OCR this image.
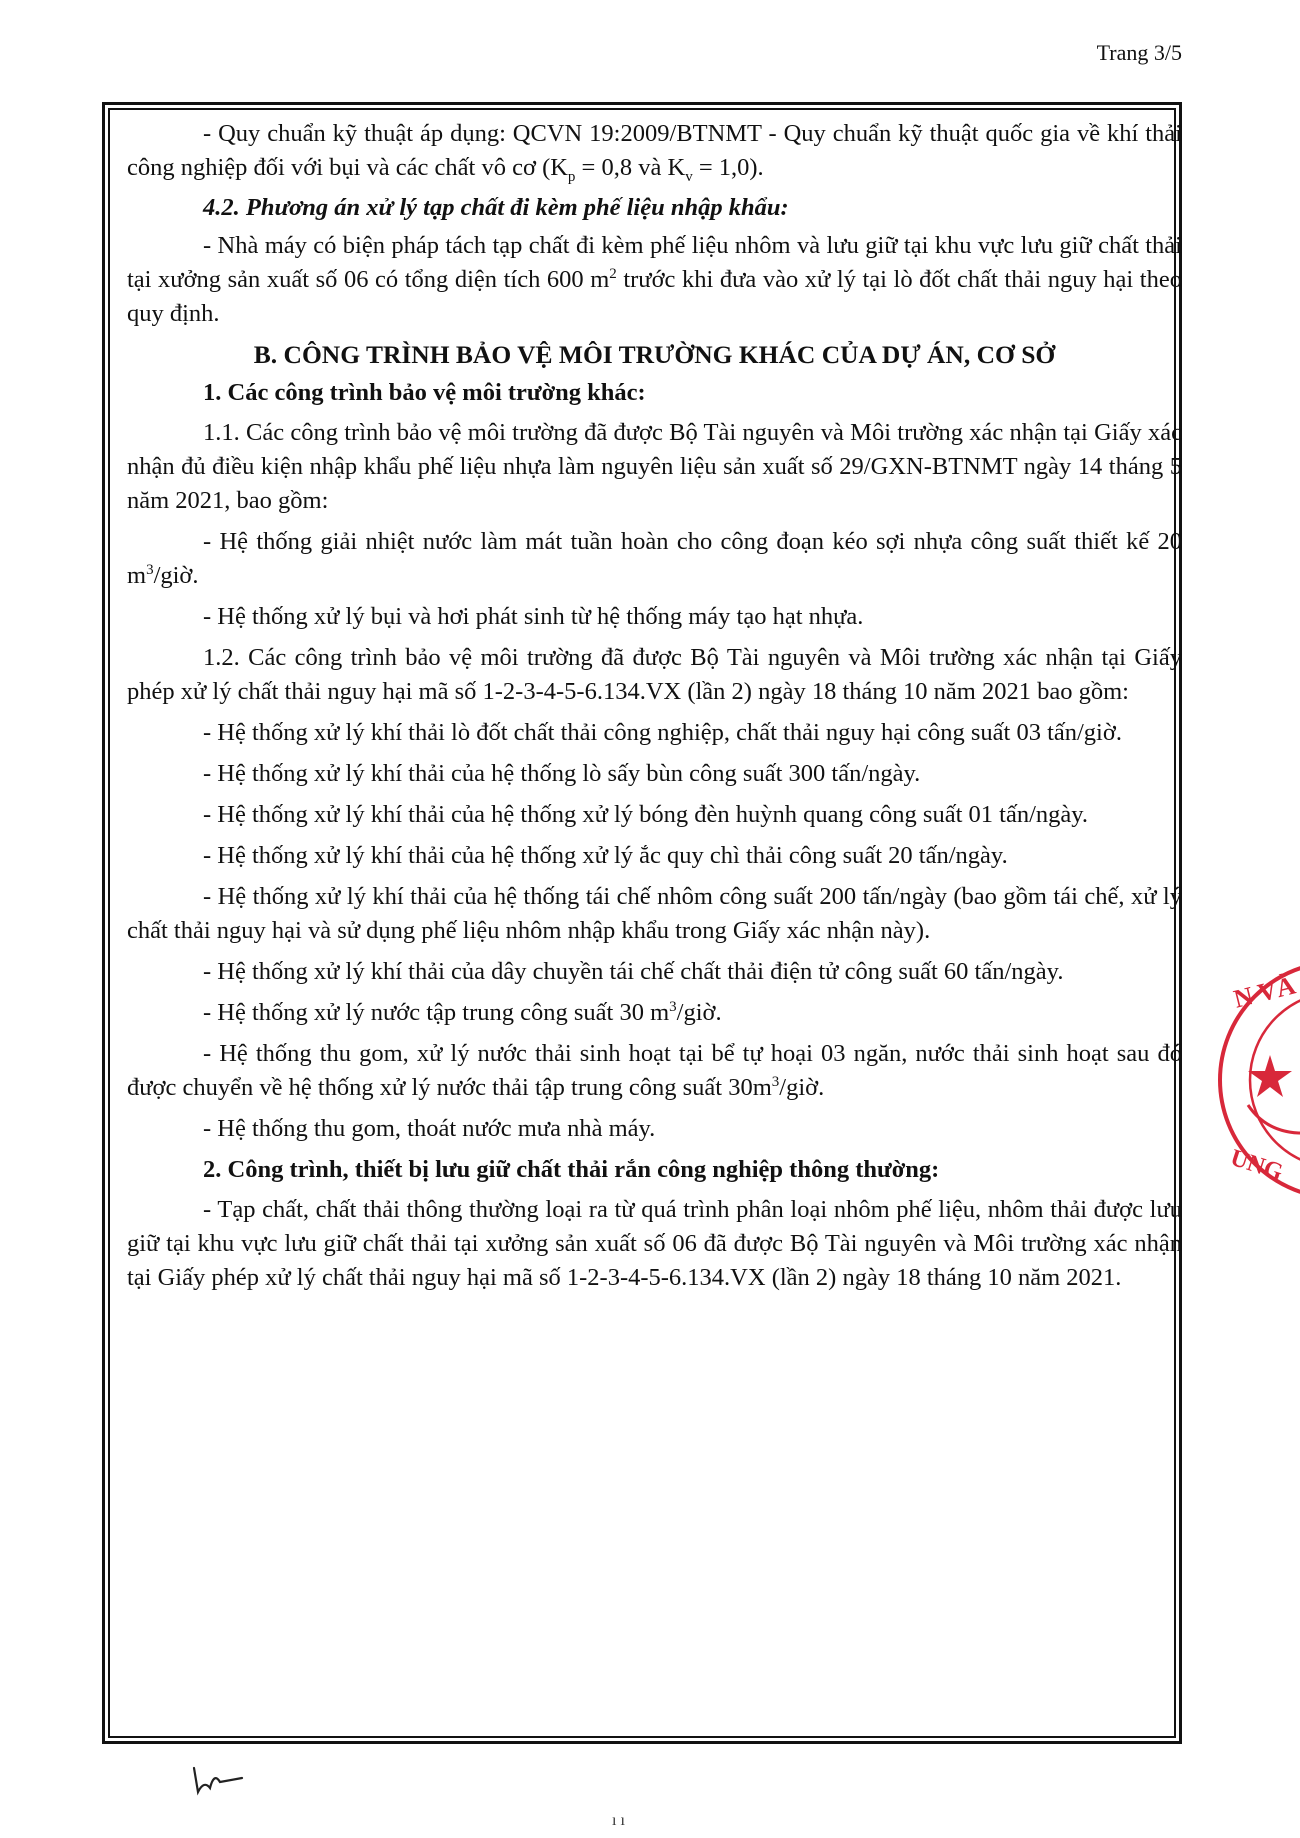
Trang 3/5

- Quy chuẩn kỹ thuật áp dụng: QCVN 19:2009/BTNMT - Quy chuẩn kỹ thuật quốc gia về khí thải công nghiệp đối với bụi và các chất vô cơ ($K_p = 0,8$ và $K_v = 1,0$).

4.2. Phương án xử lý tạp chất đi kèm phế liệu nhập khẩu:

- Nhà máy có biện pháp tách tạp chất đi kèm phế liệu nhôm và lưu giữ tại khu vực lưu giữ chất thải tại xưởng sản xuất số 06 có tổng diện tích 600 $m^2$ trước khi đưa vào xử lý tại lò đốt chất thải nguy hại theo quy định.

B. CÔNG TRÌNH BẢO VỆ MÔI TRƯỜNG KHÁC CỦA DỰ ÁN, CƠ SỞ
1. Các công trình bảo vệ môi trường khác:

1.1. Các công trình bảo vệ môi trường đã được Bộ Tài nguyên và Môi trường xác nhận tại Giấy xác nhận đủ điều kiện nhập khẩu phế liệu nhựa làm nguyên liệu sản xuất số 29/GXN-BTNMT ngày 14 tháng 5 năm 2021, bao gồm:

- Hệ thống giải nhiệt nước làm mát tuần hoàn cho công đoạn kéo sợi nhựa công suất thiết kế 20 $m^3$/giờ.

- Hệ thống xử lý bụi và hơi phát sinh từ hệ thống máy tạo hạt nhựa.

1.2. Các công trình bảo vệ môi trường đã được Bộ Tài nguyên và Môi trường xác nhận tại Giấy phép xử lý chất thải nguy hại mã số 1-2-3-4-5-6.134.VX (lần 2) ngày 18 tháng 10 năm 2021 bao gồm:

- Hệ thống xử lý khí thải lò đốt chất thải công nghiệp, chất thải nguy hại công suất 03 tấn/giờ.

- Hệ thống xử lý khí thải của hệ thống lò sấy bùn công suất 300 tấn/ngày.

- Hệ thống xử lý khí thải của hệ thống xử lý bóng đèn huỳnh quang công suất 01 tấn/ngày.

- Hệ thống xử lý khí thải của hệ thống xử lý ắc quy chì thải công suất 20 tấn/ngày.

- Hệ thống xử lý khí thải của hệ thống tái chế nhôm công suất 200 tấn/ngày (bao gồm tái chế, xử lý chất thải nguy hại và sử dụng phế liệu nhôm nhập khẩu trong Giấy xác nhận này).

- Hệ thống xử lý khí thải của dây chuyền tái chế chất thải điện tử công suất 60 tấn/ngày.

- Hệ thống xử lý nước tập trung công suất 30 $m^3$/giờ.

- Hệ thống thu gom, xử lý nước thải sinh hoạt tại bể tự hoại 03 ngăn, nước thải sinh hoạt sau đó được chuyển về hệ thống xử lý nước thải tập trung công suất $30m^3$/giờ.

- Hệ thống thu gom, thoát nước mưa nhà máy.

2. Công trình, thiết bị lưu giữ chất thải rắn công nghiệp thông thường:

- Tạp chất, chất thải thông thường loại ra từ quá trình phân loại nhôm phế liệu, nhôm thải được lưu giữ tại khu vực lưu giữ chất thải tại xưởng sản xuất số 06 đã được Bộ Tài nguyên và Môi trường xác nhận tại Giấy phép xử lý chất thải nguy hại mã số 1-2-3-4-5-6.134.VX (lần 2) ngày 18 tháng 10 năm 2021.

N VÀ
UNG
ı ı
